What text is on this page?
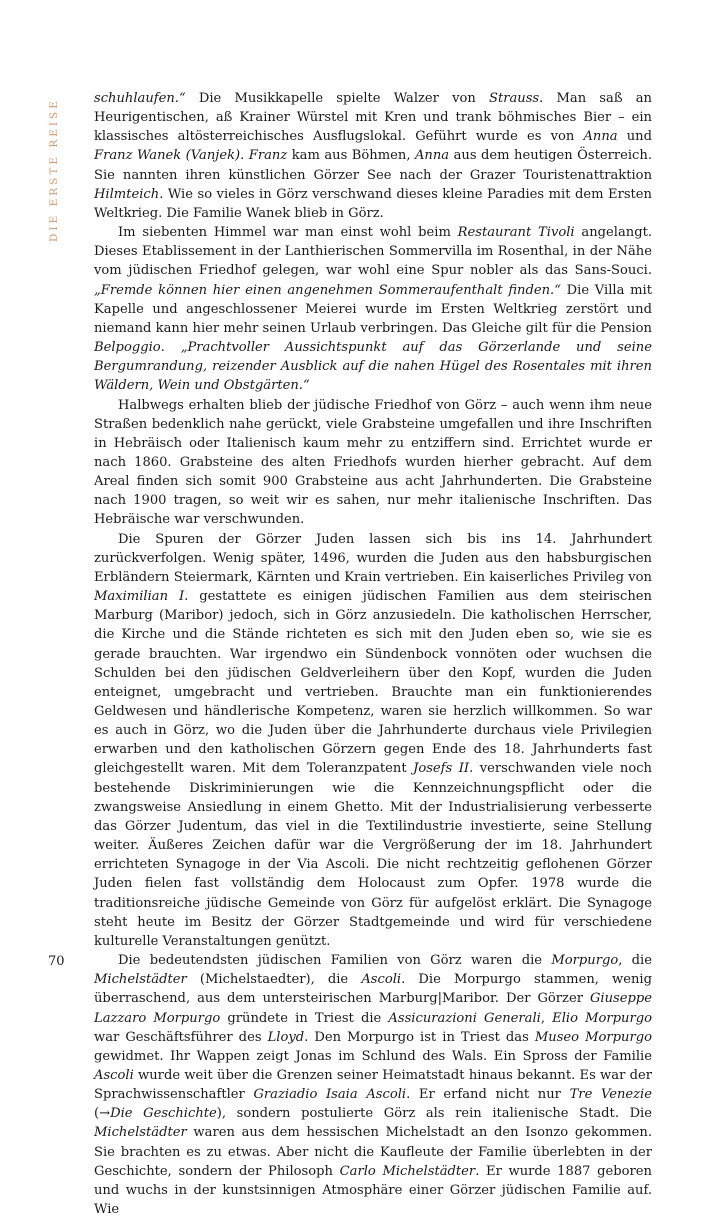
DIE ERSTE REISE	schuhlaufen.“ Die Musikkapelle spielte Walzer von Strauss. Man saß an Heurigentischen, aß Krainer Würstel mit Kren und trank böhmisches Bier – ein klassisches altösterreichisches Ausflugslokal. Geführt wurde es von Anna und Franz Wanek (Vanjek). Franz kam aus Böhmen, Anna aus dem heutigen Österreich. Sie nannten ihren künstlichen Görzer See nach der Grazer Touristenattraktion Hilmteich. Wie so vieles in Görz verschwand dieses kleine Paradies mit dem Ersten Weltkrieg. Die Familie Wanek blieb in Görz.

Im siebenten Himmel war man einst wohl beim Restaurant Tivoli angelangt. Dieses Etablissement in der Lanthierischen Sommervilla im Rosenthal, in der Nähe vom jüdischen Friedhof gelegen, war wohl eine Spur nobler als das Sans-Souci. „Fremde können hier einen angenehmen Sommeraufenthalt finden.“ Die Villa mit Kapelle und angeschlossener Meierei wurde im Ersten Weltkrieg zerstört und niemand kann hier mehr seinen Urlaub verbringen. Das Gleiche gilt für die Pension Belpoggio. „Prachtvoller Aussichtspunkt auf das Görzerlande und seine Bergumrandung, reizender Ausblick auf die nahen Hügel des Rosentales mit ihren Wäldern, Wein und Obstgärten.“

Halbwegs erhalten blieb der jüdische Friedhof von Görz – auch wenn ihm neue Straßen bedenklich nahe gerückt, viele Grabsteine umgefallen und ihre Inschriften in Hebräisch oder Italienisch kaum mehr zu entziffern sind. Errichtet wurde er nach 1860. Grabsteine des alten Friedhofs wurden hierher gebracht. Auf dem Areal finden sich somit 900 Grabsteine aus acht Jahrhunderten. Die Grabsteine nach 1900 tragen, so weit wir es sahen, nur mehr italienische Inschriften. Das Hebräische war verschwunden.

Die Spuren der Görzer Juden lassen sich bis ins 14. Jahrhundert zurückverfolgen. Wenig später, 1496, wurden die Juden aus den habsburgischen Erbländern Steiermark, Kärnten und Krain vertrieben. Ein kaiserliches Privileg von Maximilian I. gestattete es einigen jüdischen Familien aus dem steirischen Marburg (Maribor) jedoch, sich in Görz anzusiedeln. Die katholischen Herrscher, die Kirche und die Stände richteten es sich mit den Juden eben so, wie sie es gerade brauchten. War irgendwo ein Sündenbock vonnöten oder wuchsen die Schulden bei den jüdischen Geldverleihern über den Kopf, wurden die Juden enteignet, umgebracht und vertrieben. Brauchte man ein funktionierendes Geldwesen und händlerische Kompetenz, waren sie herzlich willkommen. So war es auch in Görz, wo die Juden über die Jahrhunderte durchaus viele Privilegien erwarben und den katholischen Görzern gegen Ende des 18. Jahrhunderts fast gleichgestellt waren. Mit dem Toleranzpatent Josefs II. verschwanden viele noch bestehende Diskriminierungen wie die Kennzeichnungspflicht oder die zwangsweise Ansiedlung in einem Ghetto. Mit der Industrialisierung verbesserte das Görzer Judentum, das viel in die Textilindustrie investierte, seine Stellung weiter. Äußeres Zeichen dafür war die Vergrößerung der im 18. Jahrhundert errichteten Synagoge in der Via Ascoli. Die nicht rechtzeitig geflohenen Görzer Juden fielen fast vollständig dem Holocaust zum Opfer. 1978 wurde die traditionsreiche jüdische Gemeinde von Görz für aufgelöst erklärt. Die Synagoge steht heute im Besitz der Görzer Stadtgemeinde und wird für verschiedene kulturelle Veranstaltungen genützt.

Die bedeutendsten jüdischen Familien von Görz waren die Morpurgo, die Michelstädter (Michelstaedter), die Ascoli. Die Morpurgo stammen, wenig überraschend, aus dem untersteirischen Marburg|Maribor. Der Görzer Giuseppe Lazzaro Morpurgo gründete in Triest die Assicurazioni Generali, Elio Morpurgo war Geschäftsführer des Lloyd. Den Morpurgo ist in Triest das Museo Morpurgo gewidmet. Ihr Wappen zeigt Jonas im Schlund des Wals. Ein Spross der Familie Ascoli wurde weit über die Grenzen seiner Heimatstadt hinaus bekannt. Es war der Sprachwissenschaftler Graziadio Isaia Ascoli. Er erfand nicht nur Tre Venezie (→Die Geschichte), sondern postulierte Görz als rein italienische Stadt. Die Michelstädter waren aus dem hessischen Michelstadt an den Isonzo gekommen. Sie brachten es zu etwas. Aber nicht die Kaufleute der Familie überlebten in der Geschichte, sondern der Philosoph Carlo Michelstädter. Er wurde 1887 geboren und wuchs in der kunstsinnigen Atmosphäre einer Görzer jüdischen Familie auf. Wie

70
